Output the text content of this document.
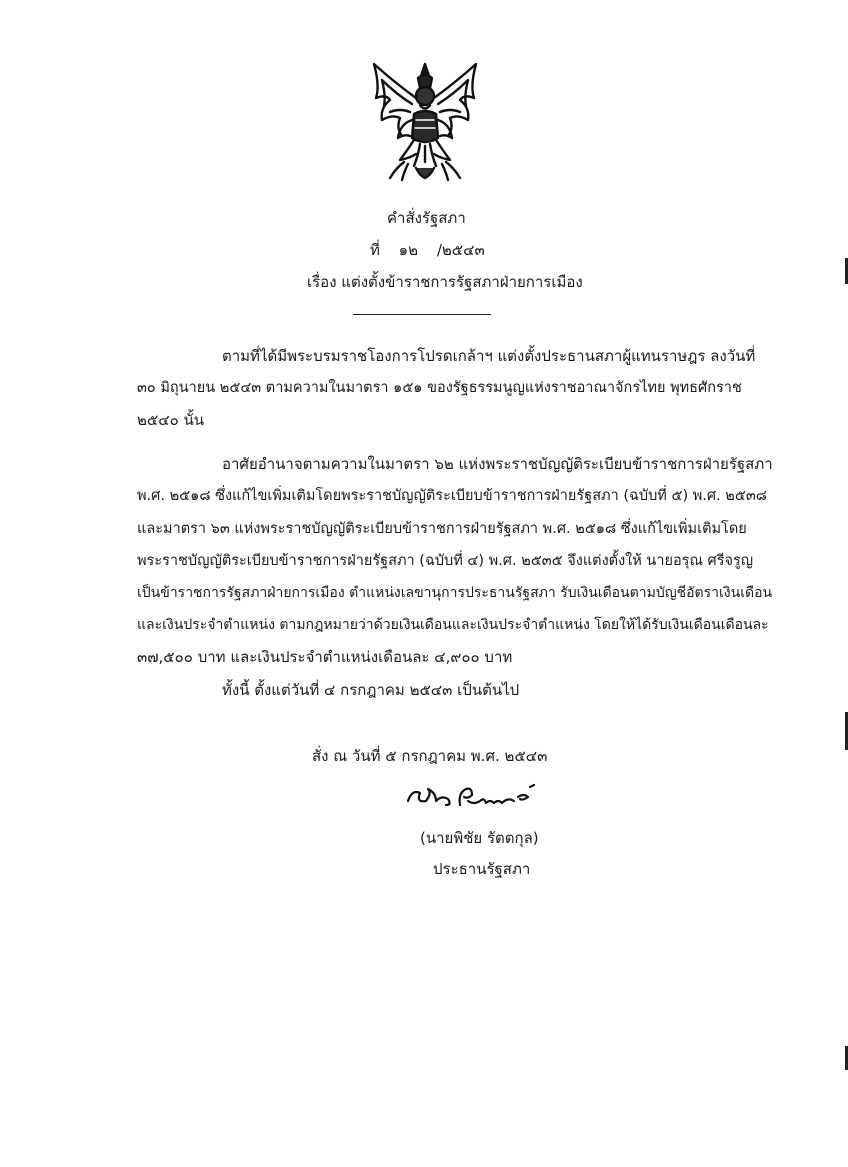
คำสั่งรัฐสภา
ที่ ๑๒ /๒๕๔๓
เรื่อง แต่งตั้งข้าราชการรัฐสภาฝ่ายการเมือง
ตามที่ได้มีพระบรมราชโองการโปรดเกล้าฯ แต่งตั้งประธานสภาผู้แทนราษฎร ลงวันที่
๓๐ มิถุนายน ๒๕๔๓ ตามความในมาตรา ๑๕๑ ของรัฐธรรมนูญแห่งราชอาณาจักรไทย พุทธศักราช
๒๕๔๐ นั้น
อาศัยอำนาจตามความในมาตรา ๖๒ แห่งพระราชบัญญัติระเบียบข้าราชการฝ่ายรัฐสภา
พ.ศ. ๒๕๑๘ ซึ่งแก้ไขเพิ่มเติมโดยพระราชบัญญัติระเบียบข้าราชการฝ่ายรัฐสภา (ฉบับที่ ๕) พ.ศ. ๒๕๓๘
และมาตรา ๖๓ แห่งพระราชบัญญัติระเบียบข้าราชการฝ่ายรัฐสภา พ.ศ. ๒๕๑๘ ซึ่งแก้ไขเพิ่มเติมโดย
พระราชบัญญัติระเบียบข้าราชการฝ่ายรัฐสภา (ฉบับที่ ๔) พ.ศ. ๒๕๓๕ จึงแต่งตั้งให้ นายอรุณ ศรีจรูญ
เป็นข้าราชการรัฐสภาฝ่ายการเมือง ตำแหน่งเลขานุการประธานรัฐสภา รับเงินเดือนตามบัญชีอัตราเงินเดือน
และเงินประจำตำแหน่ง ตามกฎหมายว่าด้วยเงินเดือนและเงินประจำตำแหน่ง โดยให้ได้รับเงินเดือนเดือนละ
๓๗,๕๐๐ บาท และเงินประจำตำแหน่งเดือนละ ๔,๙๐๐ บาท
ทั้งนี้ ตั้งแต่วันที่ ๔ กรกฎาคม ๒๕๔๓ เป็นต้นไป
สั่ง ณ วันที่ ๕ กรกฎาคม พ.ศ. ๒๕๔๓
(นายพิชัย รัตตกุล)
ประธานรัฐสภา
